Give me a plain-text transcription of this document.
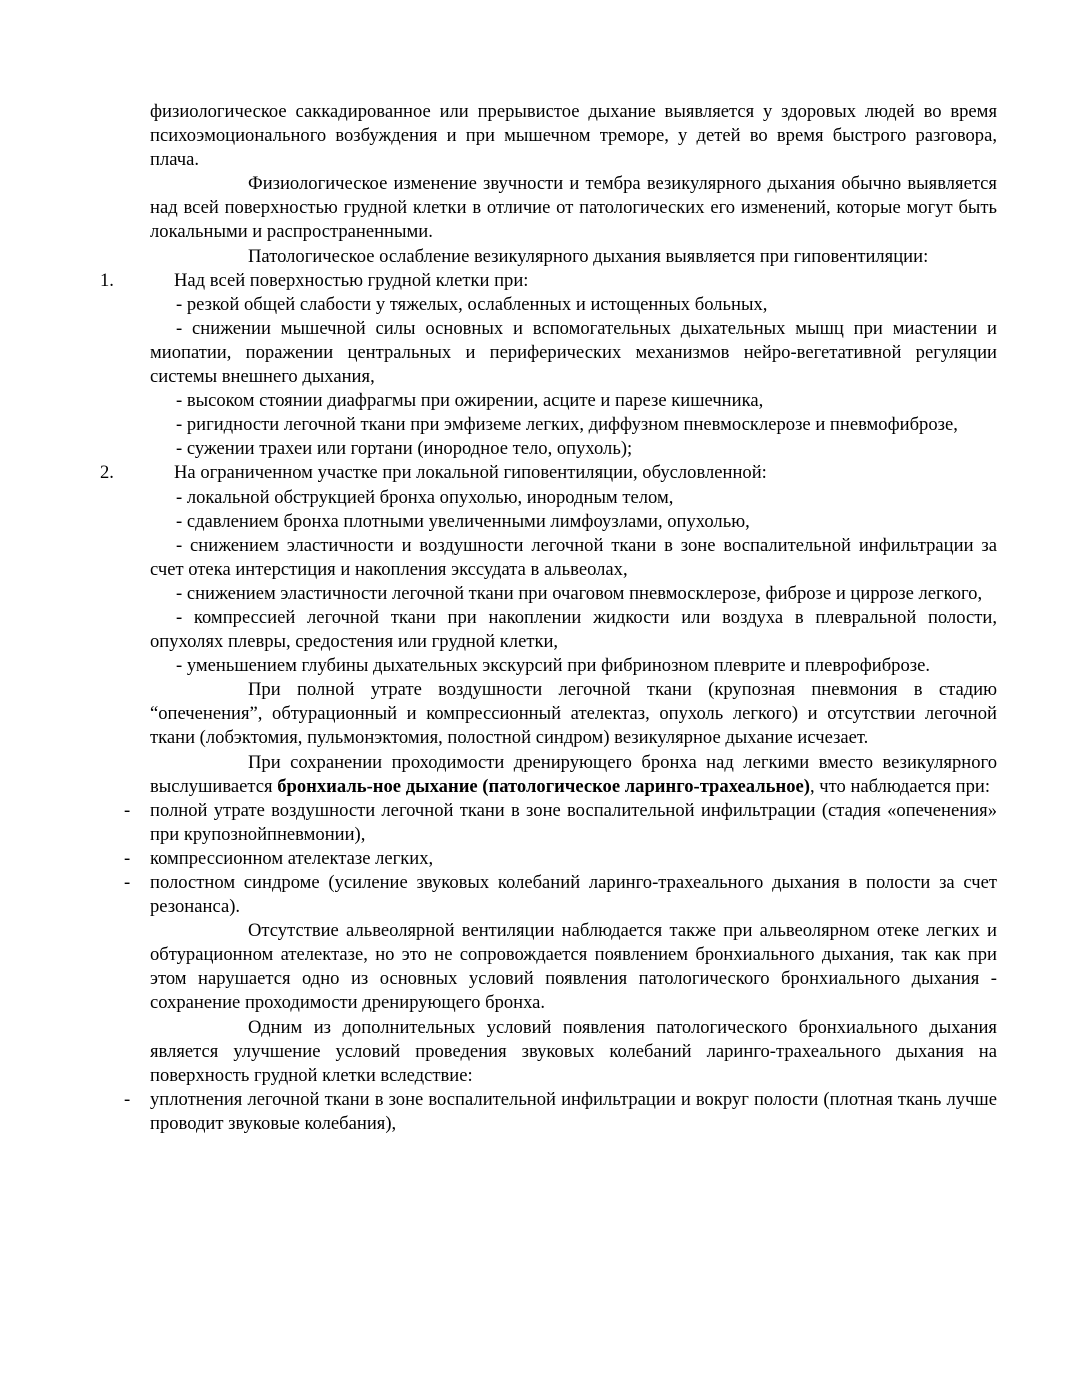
физиологическое саккадированное или прерывистое дыхание выявляется у здоровых людей во время психоэмоционального возбуждения и при мышечном треморе, у детей во время быстрого разговора, плача.
Физиологическое изменение звучности и тембра везикулярного дыхания обычно выявляется над всей поверхностью грудной клетки в отличие от патологических его изменений, которые могут быть локальными и распространенными.
Патологическое ослабление везикулярного дыхания выявляется при гиповентиляции:
1.	Над всей поверхностью грудной клетки при:
- резкой общей слабости у тяжелых, ослабленных и истощенных больных,
- снижении мышечной силы основных и вспомогательных дыхательных мышц при миастении и миопатии, поражении центральных и периферических механизмов нейро-вегетативной регуляции системы внешнего дыхания,
- высоком стоянии диафрагмы при ожирении, асците и парезе кишечника,
- ригидности легочной ткани при эмфиземе легких, диффузном пневмосклерозе и пневмофиброзе,
- сужении трахеи или гортани (инородное тело, опухоль);
2.	На ограниченном участке при локальной гиповентиляции, обусловленной:
- локальной обструкцией бронха опухолью, инородным телом,
- сдавлением бронха плотными увеличенными лимфоузлами, опухолью,
- снижением эластичности и воздушности легочной ткани в зоне воспалительной инфильтрации за счет отека интерстиция и накопления экссудата в альвеолах,
- снижением эластичности легочной ткани при очаговом пневмосклерозе, фиброзе и циррозе легкого,
- компрессией легочной ткани при накоплении жидкости или воздуха в плевральной полости, опухолях плевры, средостения или грудной клетки,
- уменьшением глубины дыхательных экскурсий при фибринозном плеврите и плеврофиброзе.
При полной утрате воздушности легочной ткани (крупозная пневмония в стадию “опеченения”, обтурационный и компрессионный ателектаз, опухоль легкого) и отсутствии легочной ткани (лобэктомия, пульмонэктомия, полостной синдром) везикулярное дыхание исчезает.
При сохранении проходимости дренирующего бронха над легкими вместо везикулярного выслушивается бронхиаль-ное дыхание (патологическое ларинго-трахеальное), что наблюдается при:
- полной утрате воздушности легочной ткани в зоне воспалительной инфильтрации (стадия «опеченения» при крупознойпневмонии),
- компрессионном ателектазе легких,
- полостном синдроме (усиление звуковых колебаний ларинго-трахеального дыхания в полости за счет резонанса).
Отсутствие альвеолярной вентиляции наблюдается также при альвеолярном отеке легких и обтурационном ателектазе, но это не сопровождается появлением бронхиального дыхания, так как при этом нарушается одно из основных условий появления патологического бронхиального дыхания - сохранение проходимости дренирующего бронха.
Одним из дополнительных условий появления патологического бронхиального дыхания является улучшение условий проведения звуковых колебаний ларинго-трахеального дыхания на поверхность грудной клетки вследствие:
- уплотнения легочной ткани в зоне воспалительной инфильтрации и вокруг полости (плотная ткань лучше проводит звуковые колебания),
